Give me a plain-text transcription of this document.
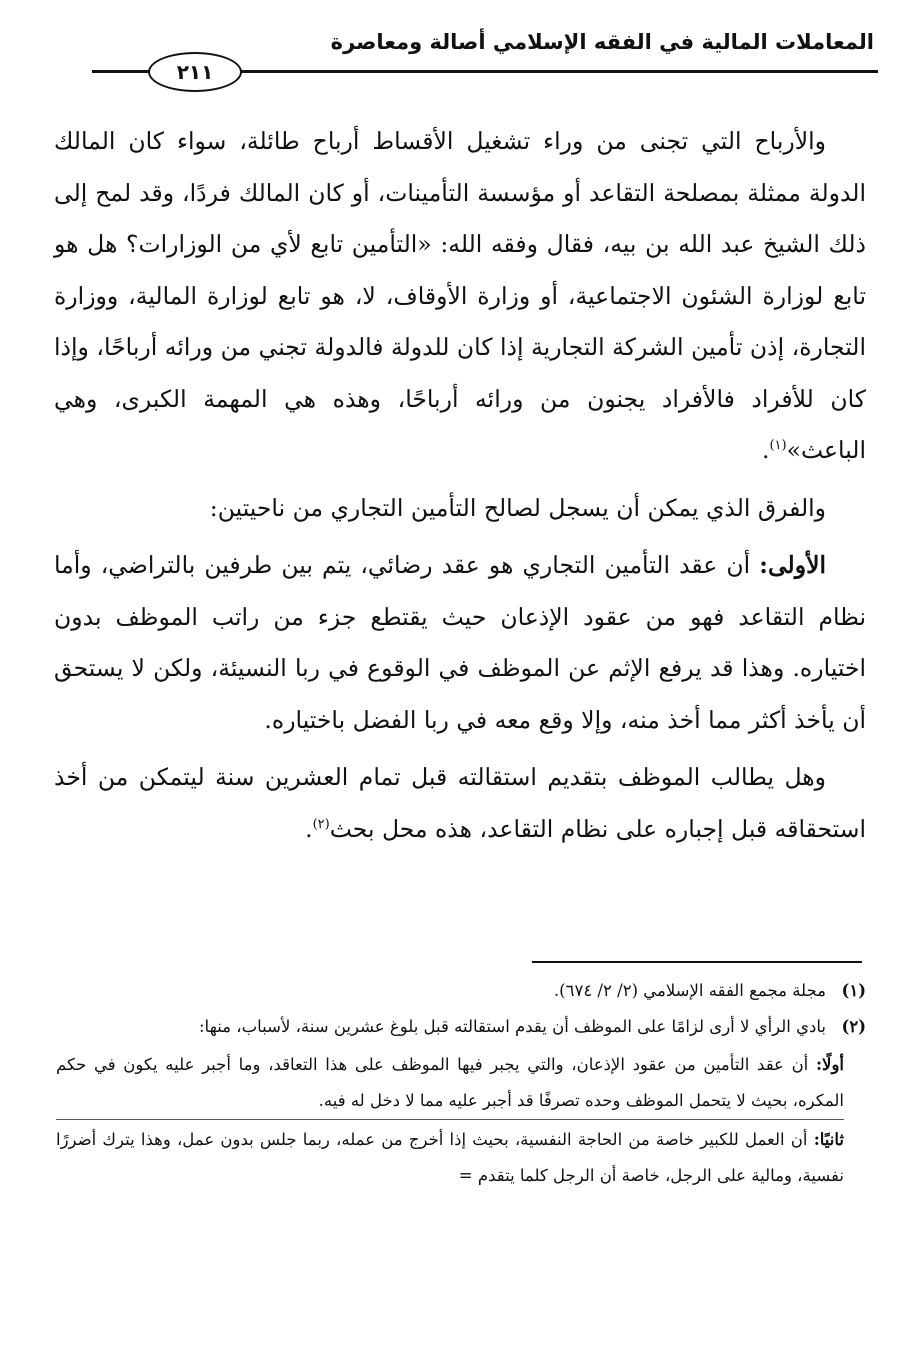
المعاملات المالية في الفقه الإسلامي أصالة ومعاصرة
٢١١

والأرباح التي تجنى من وراء تشغيل الأقساط أرباح طائلة، سواء كان المالك الدولة ممثلة بمصلحة التقاعد أو مؤسسة التأمينات، أو كان المالك فردًا، وقد لمح إلى ذلك الشيخ عبد الله بن بيه، فقال وفقه الله: «التأمين تابع لأي من الوزارات؟ هل هو تابع لوزارة الشئون الاجتماعية، أو وزارة الأوقاف، لا، هو تابع لوزارة المالية، ووزارة التجارة، إذن تأمين الشركة التجارية إذا كان للدولة فالدولة تجني من ورائه أرباحًا، وإذا كان للأفراد فالأفراد يجنون من ورائه أرباحًا، وهذه هي المهمة الكبرى، وهي الباعث»$^{(١)}$.

والفرق الذي يمكن أن يسجل لصالح التأمين التجاري من ناحيتين:

الأولى: أن عقد التأمين التجاري هو عقد رضائي، يتم بين طرفين بالتراضي، وأما نظام التقاعد فهو من عقود الإذعان حيث يقتطع جزء من راتب الموظف بدون اختياره. وهذا قد يرفع الإثم عن الموظف في الوقوع في ربا النسيئة، ولكن لا يستحق أن يأخذ أكثر مما أخذ منه، وإلا وقع معه في ربا الفضل باختياره.

وهل يطالب الموظف بتقديم استقالته قبل تمام العشرين سنة ليتمكن من أخذ استحقاقه قبل إجباره على نظام التقاعد، هذه محل بحث$^{(٢)}$.

(١)
مجلة مجمع الفقه الإسلامي (٢/ ٢/ ٦٧٤).
(٢)
بادي الرأي لا أرى لزامًا على الموظف أن يقدم استقالته قبل بلوغ عشرين سنة، لأسباب، منها:

أولًا: أن عقد التأمين من عقود الإذعان، والتي يجبر فيها الموظف على هذا التعاقد، وما أجبر عليه يكون في حكم المكره، بحيث لا يتحمل الموظف وحده تصرفًا قد أجبر عليه مما لا دخل له فيه.

ثانيًا: أن العمل للكبير خاصة من الحاجة النفسية، بحيث إذا أخرج من عمله، ربما جلس بدون عمل، وهذا يترك أضررًا نفسية، ومالية على الرجل، خاصة أن الرجل كلما يتقدم =
